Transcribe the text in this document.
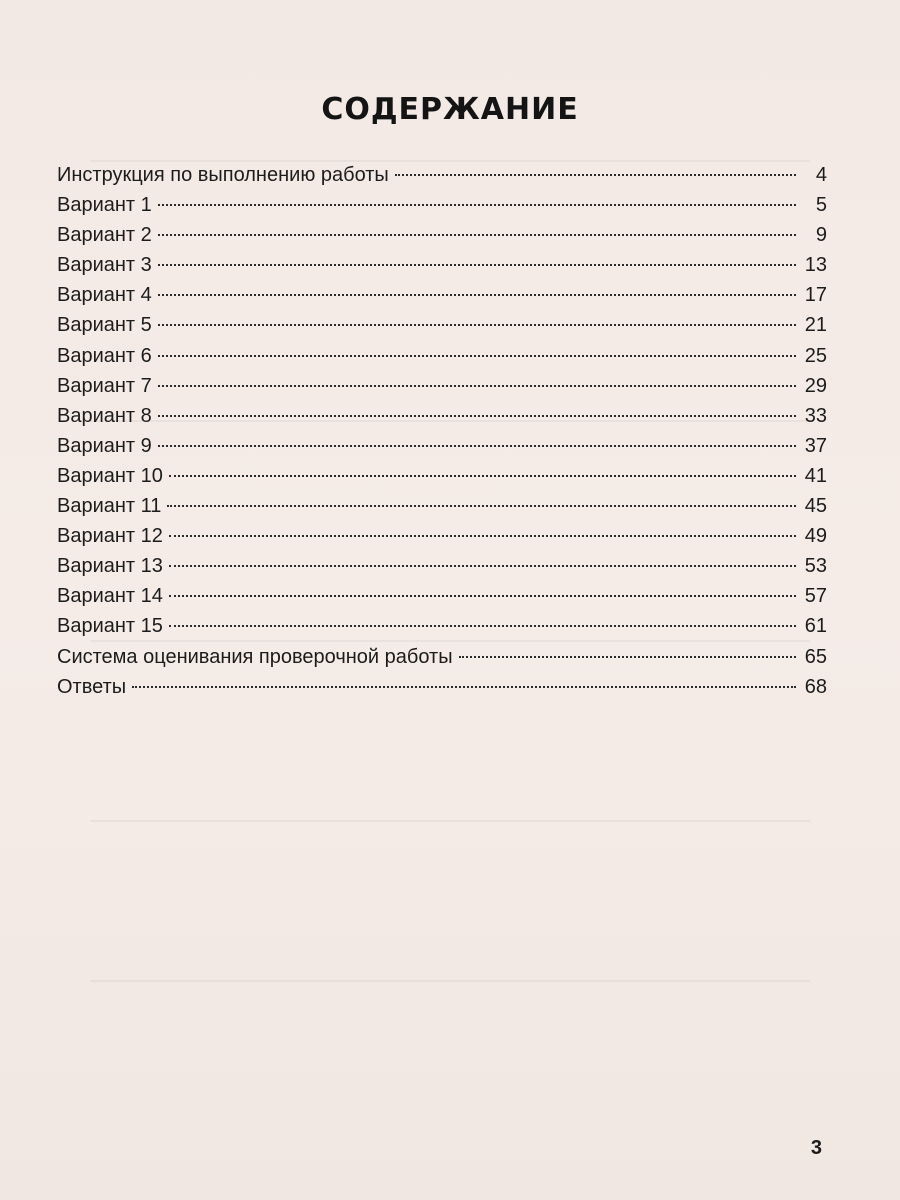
СОДЕРЖАНИЕ
Инструкция по выполнению работы	4
Вариант 1	5
Вариант 2	9
Вариант 3	13
Вариант 4	17
Вариант 5	21
Вариант 6	25
Вариант 7	29
Вариант 8	33
Вариант 9	37
Вариант 10	41
Вариант 11	45
Вариант 12	49
Вариант 13	53
Вариант 14	57
Вариант 15	61
Система оценивания проверочной работы	65
Ответы	68
3
